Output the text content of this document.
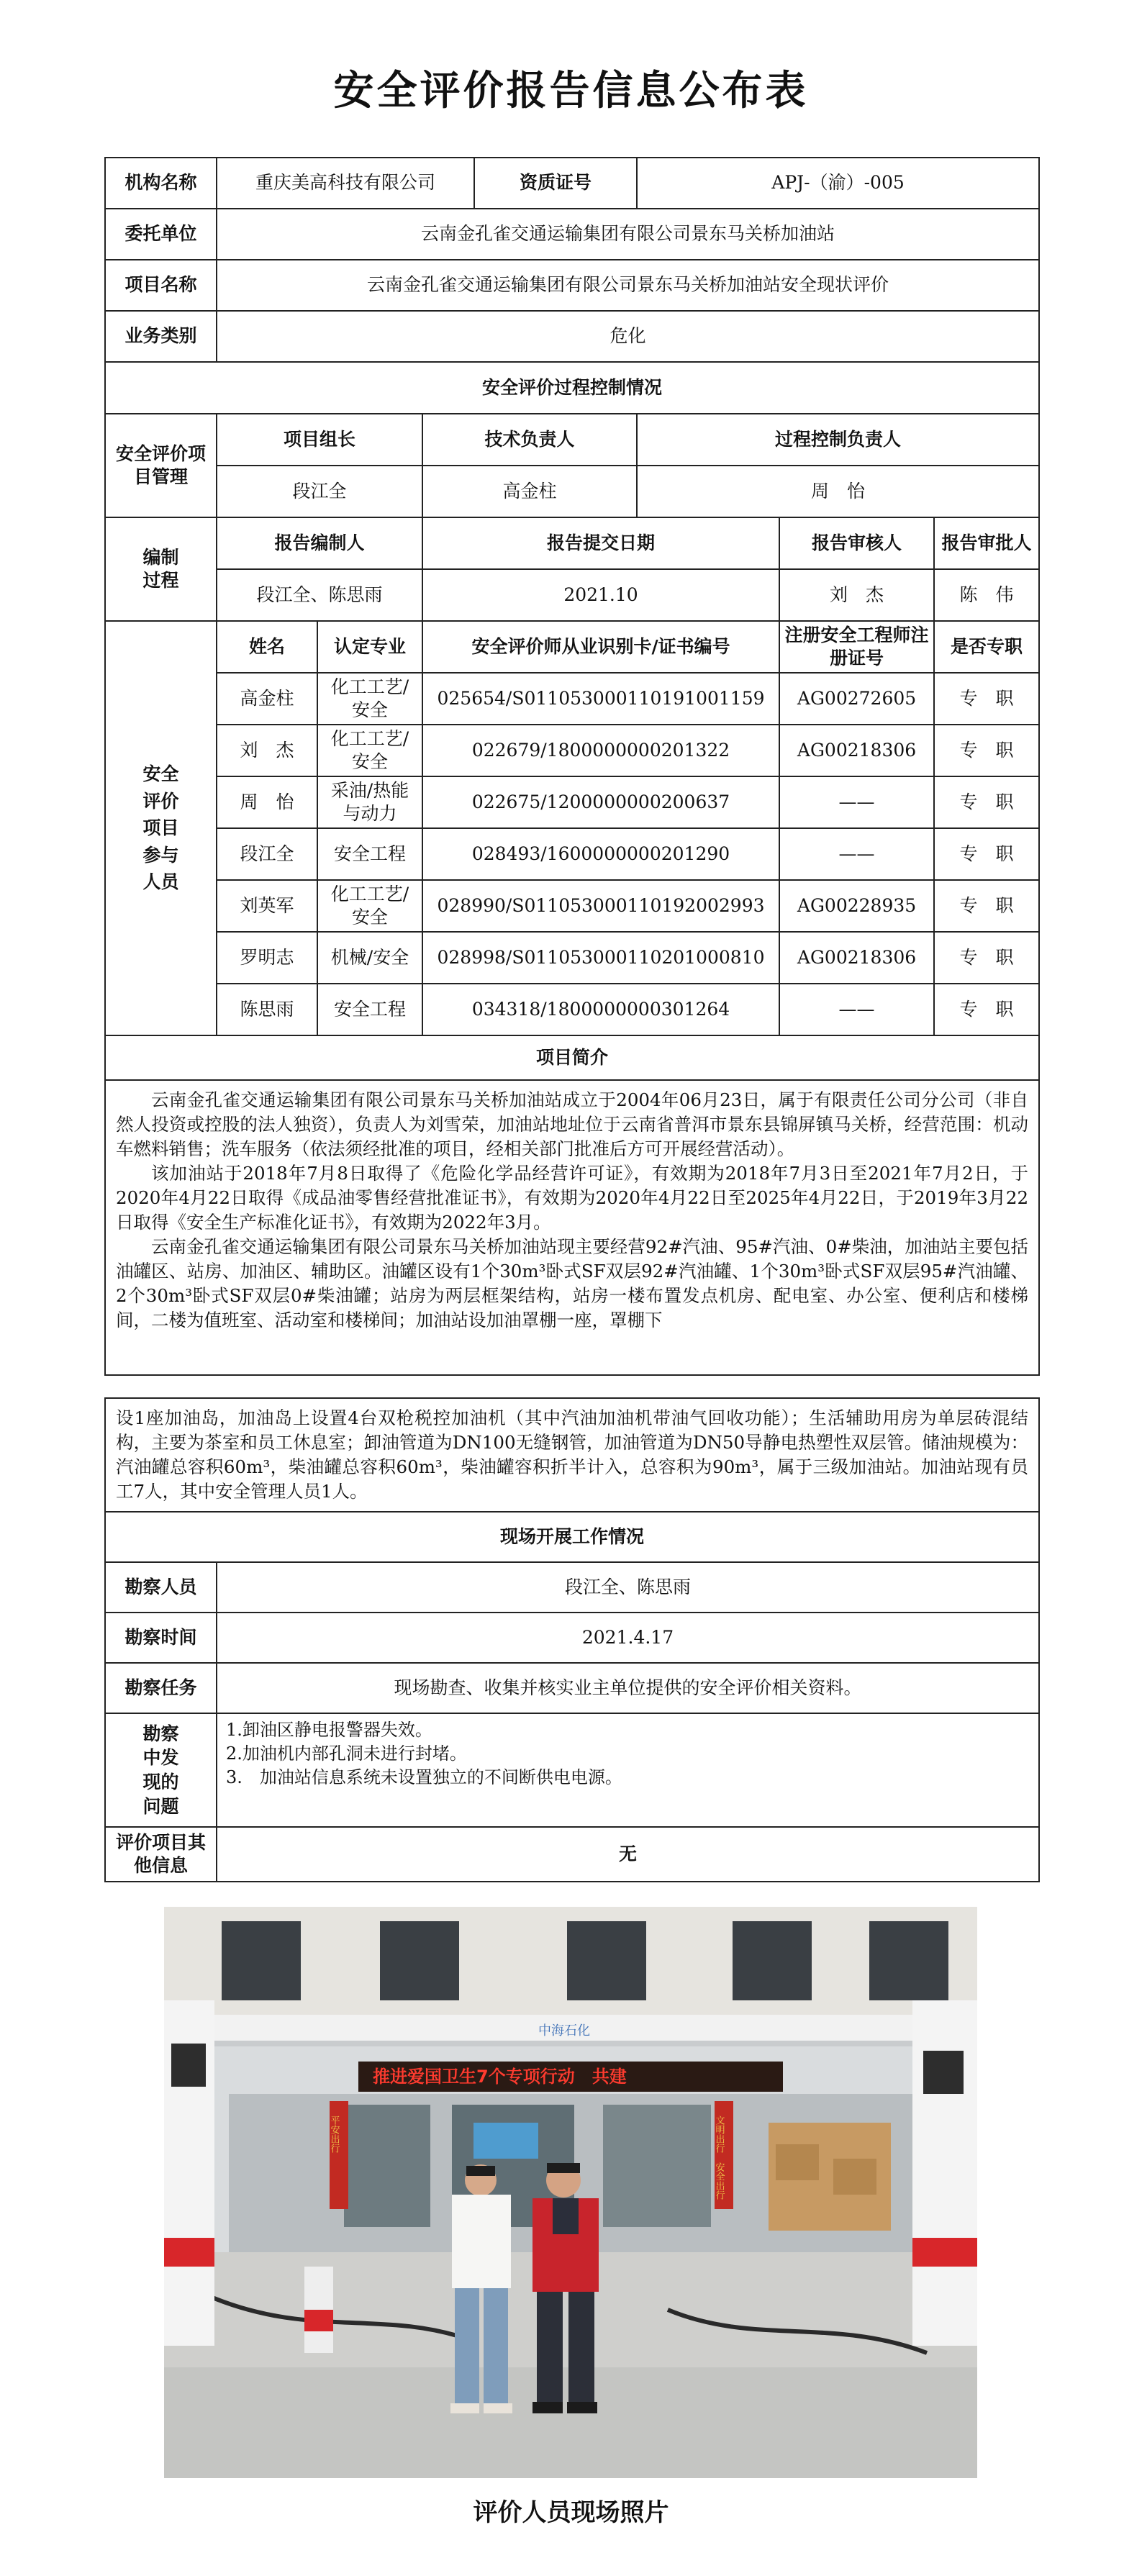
安全评价报告信息公布表
机构名称	重庆美高科技有限公司			资质证号	APJ-（渝）-005		
委托单位	云南金孔雀交通运输集团有限公司景东马关桥加油站						
项目名称	云南金孔雀交通运输集团有限公司景东马关桥加油站安全现状评价						
业务类别	危化						
安全评价过程控制情况							
安全评价项目管理	项目组长		技术负责人		过程控制负责人		
	段江全		高金柱		周　怡		
编制过程	报告编制人		报告提交日期			报告审核人	报告审批人
	段江全、陈思雨		2021.10			刘　杰	陈　伟
安全评价项目参与人员	姓名	认定专业	安全评价师从业识别卡/证书编号			注册安全工程师注册证号	是否专职
	高金柱	化工工艺/安全	025654/S011053000110191001159			AG00272605	专　职
	刘　杰	化工工艺/安全	022679/1800000000201322			AG00218306	专　职
	周　怡	采油/热能与动力	022675/1200000000200637			——	专　职
	段江全	安全工程	028493/1600000000201290			——	专　职
	刘英军	化工工艺/安全	028990/S011053000110192002993			AG00228935	专　职
	罗明志	机械/安全	028998/S011053000110201000810			AG00218306	专　职
	陈思雨	安全工程	034318/1800000000301264			——	专　职
项目简介							

云南金孔雀交通运输集团有限公司景东马关桥加油站成立于2004年06月23日，属于有限责任公司分公司（非自然人投资或控股的法人独资），负责人为刘雪荣，加油站地址位于云南省普洱市景东县锦屏镇马关桥，经营范围：机动车燃料销售；洗车服务（依法须经批准的项目，经相关部门批准后方可开展经营活动）。

该加油站于2018年7月8日取得了《危险化学品经营许可证》，有效期为2018年7月3日至2021年7月2日，于2020年4月22日取得《成品油零售经营批准证书》，有效期为2020年4月22日至2025年4月22日，于2019年3月22日取得《安全生产标准化证书》，有效期为2022年3月。

云南金孔雀交通运输集团有限公司景东马关桥加油站现主要经营92#汽油、95#汽油、0#柴油，加油站主要包括油罐区、站房、加油区、辅助区。油罐区设有1个30m³卧式SF双层92#汽油罐、1个30m³卧式SF双层95#汽油罐、2个30m³卧式SF双层0#柴油罐；站房为两层框架结构，站房一楼布置发点机房、配电室、办公室、便利店和楼梯间，二楼为值班室、活动室和楼梯间；加油站设加油罩棚一座，罩棚下							

设1座加油岛，加油岛上设置4台双枪税控加油机（其中汽油加油机带油气回收功能）；生活辅助用房为单层砖混结构，主要为茶室和员工休息室；卸油管道为DN100无缝钢管，加油管道为DN50导静电热塑性双层管。储油规模为：汽油罐总容积60m³，柴油罐总容积60m³，柴油罐容积折半计入，总容积为90m³，属于三级加油站。加油站现有员工7人，其中安全管理人员1人。	

现场开展工作情况	
勘察人员	段江全、陈思雨
勘察时间	2021.4.17
勘察任务	现场勘查、收集并核实业主单位提供的安全评价相关资料。
勘察中发现的问题	1.卸油区静电报警器失效。

2.加油机内部孔洞未进行封堵。

3.　加油站信息系统未设置独立的不间断供电电源。

评价项目其他信息	无
中海石化
推进爱国卫生7个专项行动　共建
平安出行	文明出行　安全出行
评价人员现场照片
